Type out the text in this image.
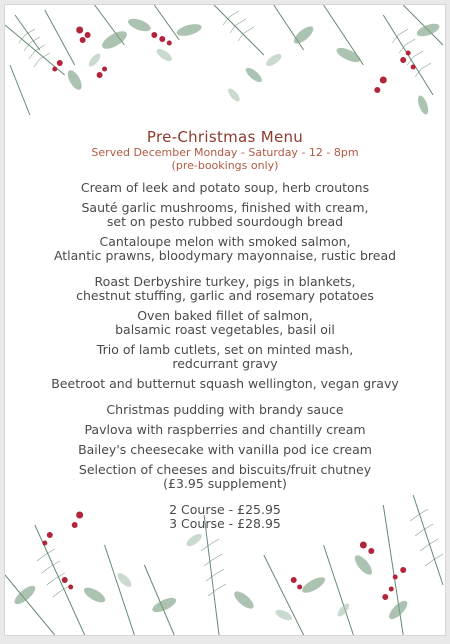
Pre-Christmas Menu
Served December Monday - Saturday - 12 - 8pm
(pre-bookings only)
Cream of leek and potato soup, herb croutons
Sauté garlic mushrooms, finished with cream,
set on pesto rubbed sourdough bread
Cantaloupe melon with smoked salmon,
Atlantic prawns, bloodymary mayonnaise, rustic bread
Roast Derbyshire turkey, pigs in blankets,
chestnut stuffing, garlic and rosemary potatoes
Oven baked fillet of salmon,
balsamic roast vegetables, basil oil
Trio of lamb cutlets, set on minted mash,
redcurrant gravy
Beetroot and butternut squash wellington, vegan gravy
Christmas pudding with brandy sauce
Pavlova with raspberries and chantilly cream
Bailey's cheesecake with vanilla pod ice cream
Selection of cheeses and biscuits/fruit chutney
(£3.95 supplement)
2 Course - £25.95
3 Course - £28.95
